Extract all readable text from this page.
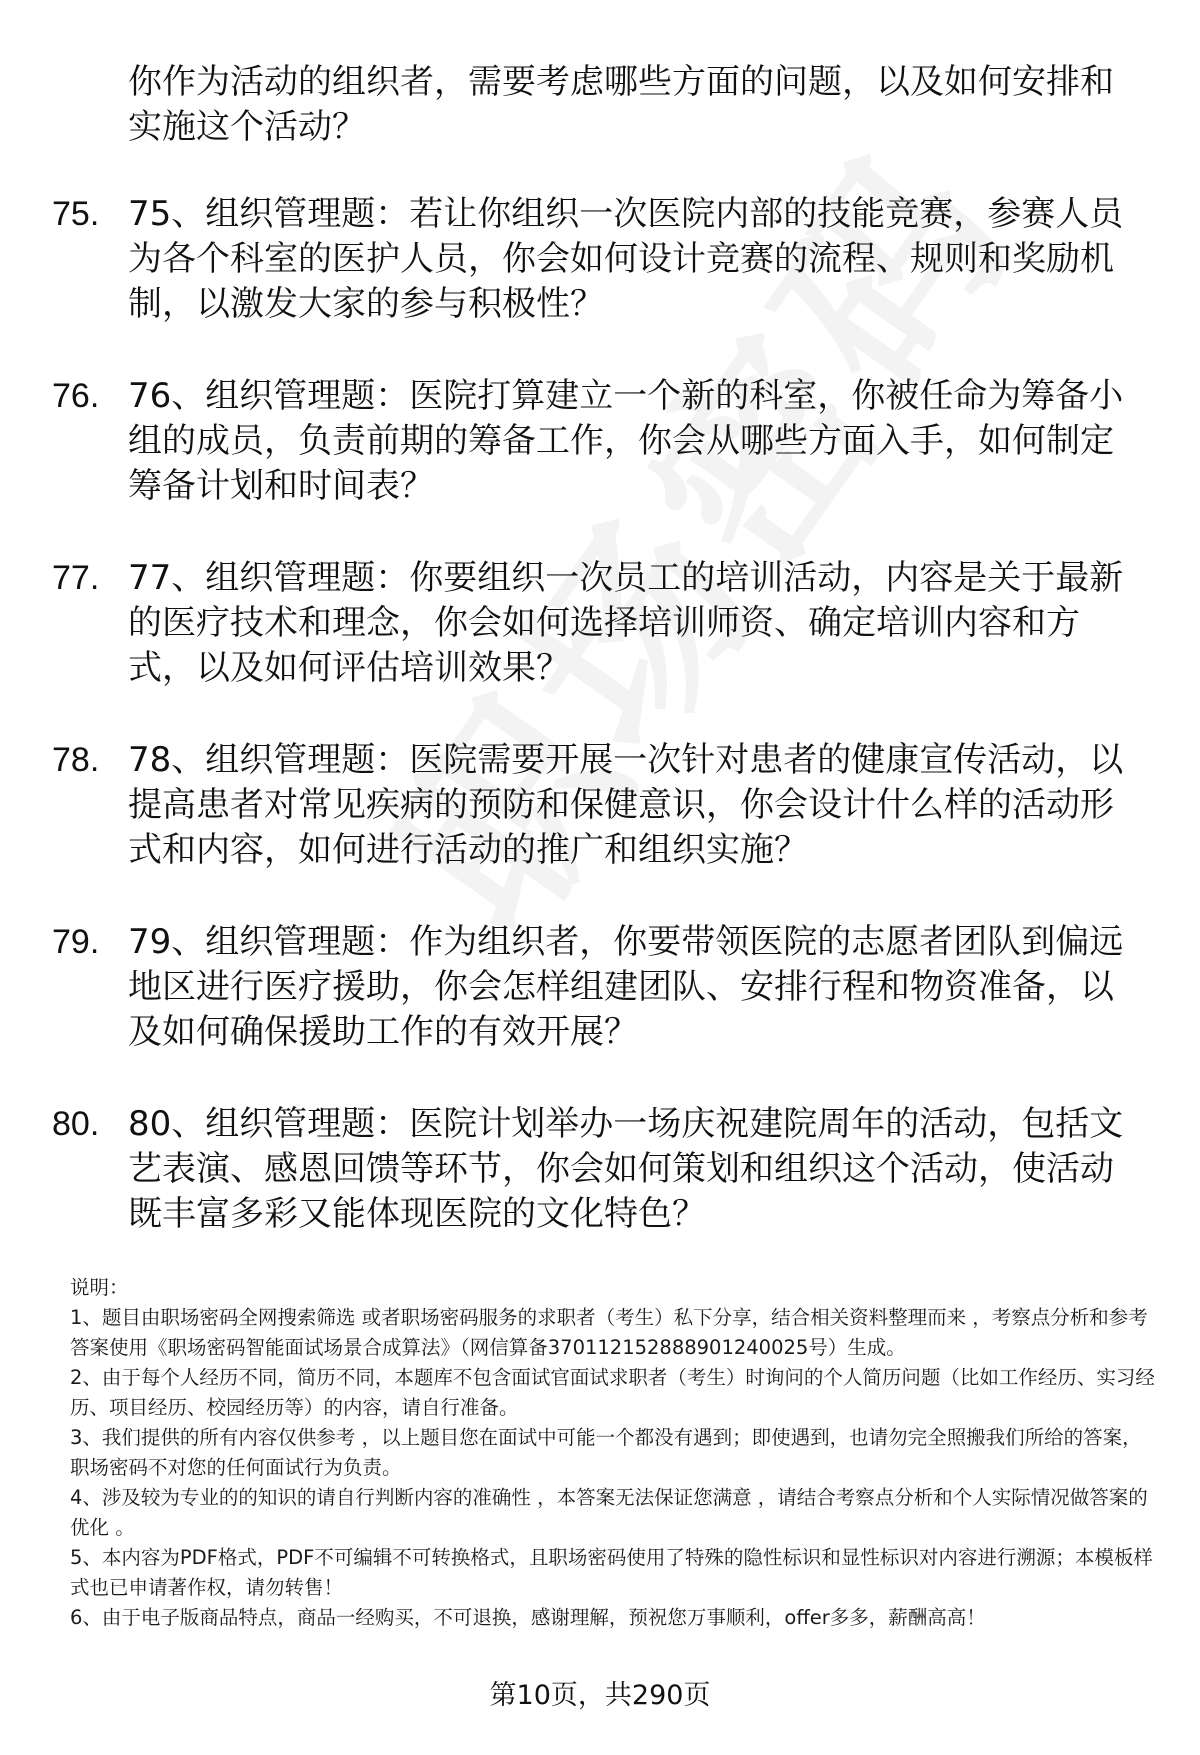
你作为活动的组织者，需要考虑哪些方面的问题，以及如何安排和实施这个活动？
75. 75、组织管理题：若让你组织一次医院内部的技能竞赛，参赛人员为各个科室的医护人员，你会如何设计竞赛的流程、规则和奖励机制，以激发大家的参与积极性？
76. 76、组织管理题：医院打算建立一个新的科室，你被任命为筹备小组的成员，负责前期的筹备工作，你会从哪些方面入手，如何制定筹备计划和时间表？
77. 77、组织管理题：你要组织一次员工的培训活动，内容是关于最新的医疗技术和理念，你会如何选择培训师资、确定培训内容和方式，以及如何评估培训效果？
78. 78、组织管理题：医院需要开展一次针对患者的健康宣传活动，以提高患者对常见疾病的预防和保健意识，你会设计什么样的活动形式和内容，如何进行活动的推广和组织实施？
79. 79、组织管理题：作为组织者，你要带领医院的志愿者团队到偏远地区进行医疗援助，你会怎样组建团队、安排行程和物资准备，以及如何确保援助工作的有效开展？
80. 80、组织管理题：医院计划举办一场庆祝建院周年的活动，包括文艺表演、感恩回馈等环节，你会如何策划和组织这个活动，使活动既丰富多彩又能体现医院的文化特色？

说明：

1、题目由职场密码全网搜索筛选 或者职场密码服务的求职者（考生）私下分享，结合相关资料整理而来 ，考察点分析和参考答案使用《职场密码智能面试场景合成算法》（网信算备370112152888901240025号）生成。

2、由于每个人经历不同，简历不同，本题库不包含面试官面试求职者（考生）时询问的个人简历问题（比如工作经历、实习经历、项目经历、校园经历等）的内容，请自行准备。

3、我们提供的所有内容仅供参考 ，以上题目您在面试中可能一个都没有遇到；即使遇到，也请勿完全照搬我们所给的答案，职场密码不对您的任何面试行为负责。

4、涉及较为专业的的知识的请自行判断内容的准确性 ，本答案无法保证您满意 ，请结合考察点分析和个人实际情况做答案的优化 。

5、本内容为PDF格式，PDF不可编辑不可转换格式，且职场密码使用了特殊的隐性标识和显性标识对内容进行溯源；本模板样式也已申请著作权，请勿转售！

6、由于电子版商品特点，商品一经购买，不可退换，感谢理解，预祝您万事顺利，offer多多，薪酬高高！

第10页，共290页
